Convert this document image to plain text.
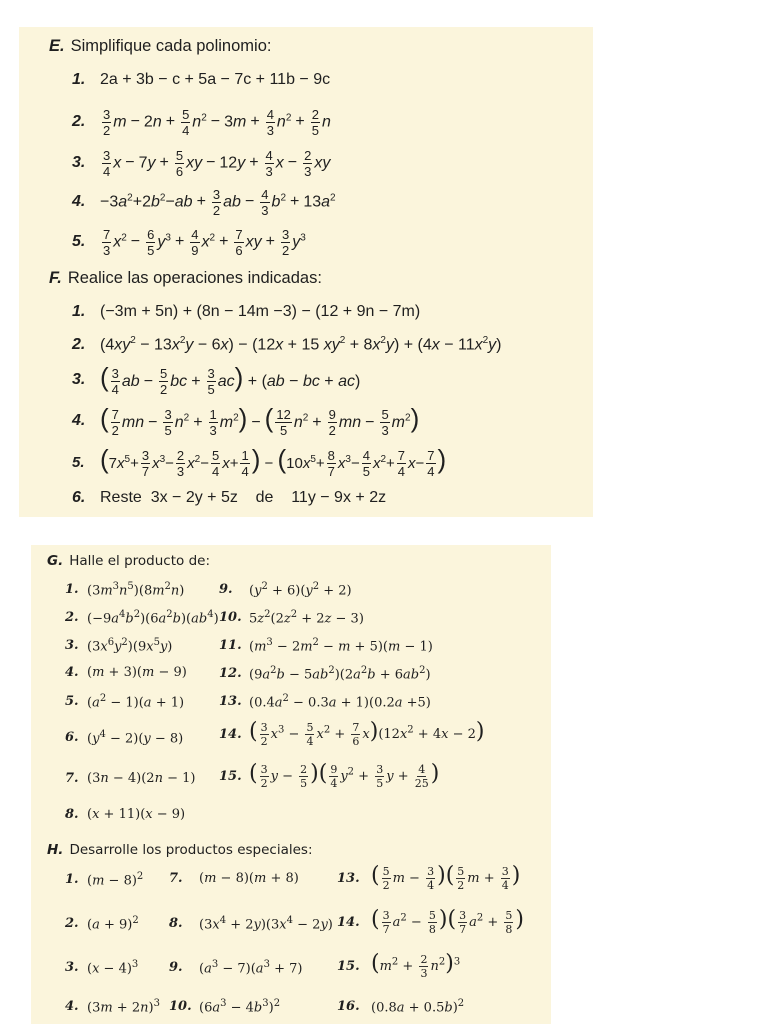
E. Simplifique cada polinomio:
1. 2a + 3b − c + 5a − 7c + 11b − 9c
2.	$\frac{3}{2}$ $m - 2n + \frac{5}{4} n^2 - 3m + \frac{4}{3} n^2 + \frac{2}{5}$ n
3.	$\frac{3}{4}$ $x - 7y + \frac{5}{6}$ xy − $12y + \frac{4}{3}$ $x - \frac{2}{3}$ xy
4. $-3a^2+2b^2-ab + \frac{3}{2}$ ab − $\frac{4}{3} b^2 + 13a^2$
5.	$\frac{7}{3} x^2 - \frac{6}{5} y^3 + \frac{4}{9} x^2 + \frac{7}{6}$ xy + $\frac{3}{2} y^3$
F. Realice las operaciones indicadas:
1. (−3m + 5n) + (8n − 14m −3) − (12 + 9n − 7m)
2. $(4xy^2 - 13x^2y - 6x) - (12x + 15$ $xy^2 + 8x^2y) + (4x - 11x^2y)$
3. ( $\frac{3}{4}$ ab − $\frac{5}{2}$ bc + $\frac{3}{5} ac) + (ab$ − bc + ac)
4. ( $\frac{7}{2}$ mn − $\frac{3}{5} n^2 + \frac{1}{3} m^2$) − ( $\frac{12}{5} n^2 + \frac{9}{2}$ mn − $\frac{5}{3} m^2$)
5. ($7x^5+ \frac{3}{7} x^3- \frac{2}{3} x^2- \frac{5}{4} x+ \frac{1}{4}$ ) − ($10x^5+ \frac{8}{7} x^3- \frac{4}{5} x^2+ \frac{7}{4} x- \frac{7}{4}$ )
6. Reste  3x − 2y + 5z    de    11y − 9x + 2z
G. Halle el producto de:
1. $(3m^3n^5)(8m^2n)$
2. $(-9a^4b^2)(6a^2b)(ab^4)$
3. $(3x^6y^2)(9x^5y)$
4. (m + 3)(m − 9)
5. $(a^2 - 1)(a + 1)$
6. $(y^4 - 2)(y - 8)$
7. (3n − 4)(2n − 1)
8. (x + 11)(x − 9)
9.	$(y^2 + 6)(y^2 + 2)$
10. $5z^2(2z^2 + 2z - 3)$
11. $(m^3 - 2m^2 - m + 5)(m - 1)$
12. $(9a^2b - 5ab^2)(2a^2b + 6ab^2)$
13. $(0.4a^2 - 0.3a + 1)(0.2a +5)$
14. ( $\frac{3}{2} x^3 - \frac{5}{4} x^2 + \frac{7}{6} x)(12x^2 + 4x - 2)$
15. ( $\frac{3}{2}$ $y - \frac{2}{5}$ )( $\frac{9}{4} y^2 + \frac{3}{5}$ $y + \frac{4}{25}$ )
H. Desarrolle los productos especiales:
1. $(m - 8)^2$
2. $(a + 9)^2$
3. $(x - 4)^3$
4. $(3m + 2n)^3$
7.	(m − 8)(m + 8)
8.	$(3x^4 + 2y)(3x^4 - 2y)$
9.	$(a^3 - 7)(a^3 + 7)$
10. $(6a^3 - 4b^3)^2$
13. ( $\frac{5}{2}$ $m - \frac{3}{4}$ )( $\frac{5}{2}$ $m + \frac{3}{4}$ )
14. ( $\frac{3}{7} a^2 - \frac{5}{8}$ )( $\frac{3}{7} a^2 + \frac{5}{8}$ )
15. $(m^2 + \frac{2}{3} n^2)^3$
16. $(0.8a + 0.5b)^2$
